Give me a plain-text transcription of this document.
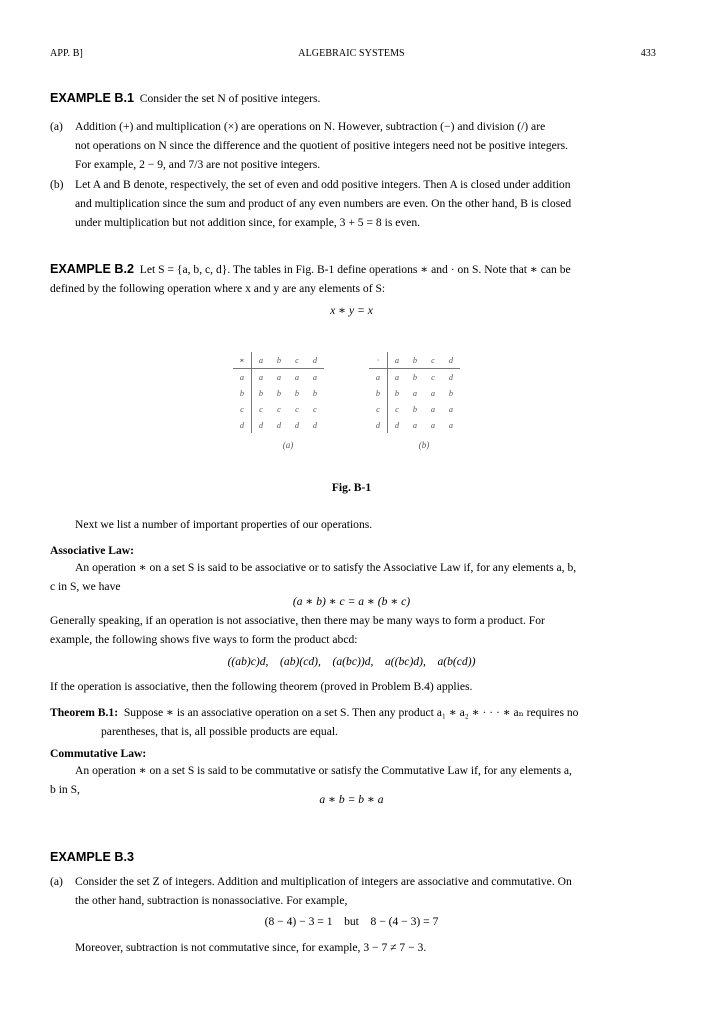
APP. B]	ALGEBRAIC SYSTEMS	433
EXAMPLE B.1 Consider the set N of positive integers.
(a) Addition (+) and multiplication (×) are operations on N. However, subtraction (−) and division (/) are
not operations on N since the difference and the quotient of positive integers need not be positive integers.
For example, 2 − 9, and 7/3 are not positive integers.
(b) Let A and B denote, respectively, the set of even and odd positive integers. Then A is closed under addition
and multiplication since the sum and product of any even numbers are even. On the other hand, B is closed
under multiplication but not addition since, for example, 3 + 5 = 8 is even.
EXAMPLE B.2 Let S = {a, b, c, d}. The tables in Fig. B-1 define operations ∗ and · on S. Note that ∗ can be
defined by the following operation where x and y are any elements of S:
x ∗ y = x
∗	a	b	c	d
a	a	a	a	a
b	b	b	b	b
c	c	c	c	c
d	d	d	d	d
(a)
·	a	b	c	d
a	a	b	c	d
b	b	a	a	b
c	c	b	a	a
d	d	a	a	a
(b)
Fig. B-1
Next we list a number of important properties of our operations.
Associative Law:
An operation ∗ on a set S is said to be associative or to satisfy the Associative Law if, for any elements a, b,
c in S, we have
(a ∗ b) ∗ c = a ∗ (b ∗ c)
Generally speaking, if an operation is not associative, then there may be many ways to form a product. For
example, the following shows five ways to form the product abcd:
((ab)c)d,    (ab)(cd),    (a(bc))d,    a((bc)d),    a(b(cd))
If the operation is associative, then the following theorem (proved in Problem B.4) applies.
Theorem B.1: Suppose ∗ is an associative operation on a set S. Then any product a₁ ∗ a₂ ∗ · · · ∗ aₙ requires no
parentheses, that is, all possible products are equal.
Commutative Law:
An operation ∗ on a set S is said to be commutative or satisfy the Commutative Law if, for any elements a,
b in S,
a ∗ b = b ∗ a
EXAMPLE B.3
(a) Consider the set Z of integers. Addition and multiplication of integers are associative and commutative. On
the other hand, subtraction is nonassociative. For example,
(8 − 4) − 3 = 1    but    8 − (4 − 3) = 7
Moreover, subtraction is not commutative since, for example, 3 − 7 ≠ 7 − 3.
